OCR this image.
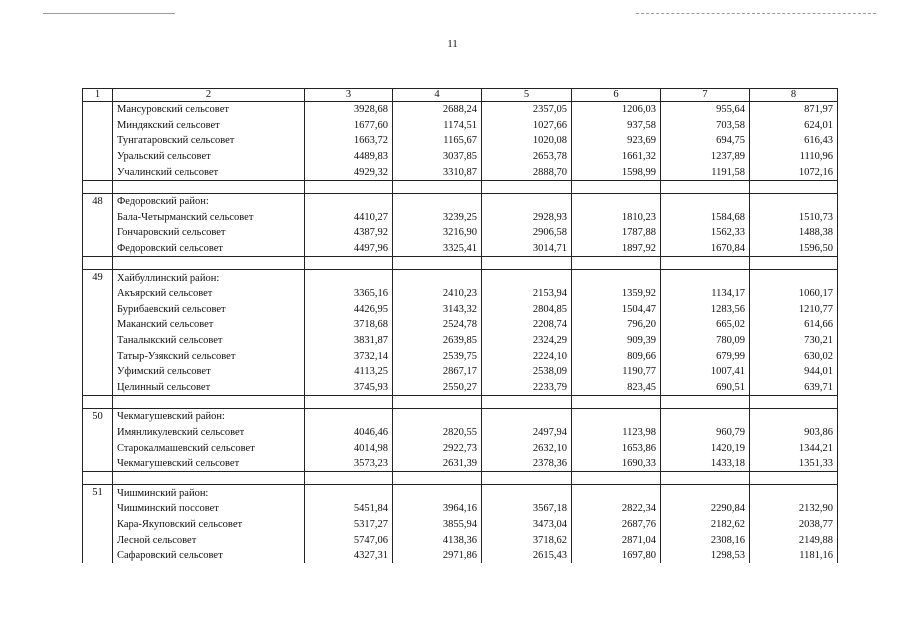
11
1	2	3	4	5	6	7	8
	Мансуровский сельсовет	3928,68	2688,24	2357,05	1206,03	955,64	871,97
	Миндякский сельсовет	1677,60	1174,51	1027,66	937,58	703,58	624,01
	Тунгатаровский сельсовет	1663,72	1165,67	1020,08	923,69	694,75	616,43
	Уральский сельсовет	4489,83	3037,85	2653,78	1661,32	1237,89	1110,96
	Учалинский сельсовет	4929,32	3310,87	2888,70	1598,99	1191,58	1072,16

48	Федоровский район:						
	Бала-Четырманский сельсовет	4410,27	3239,25	2928,93	1810,23	1584,68	1510,73
	Гончаровский сельсовет	4387,92	3216,90	2906,58	1787,88	1562,33	1488,38
	Федоровский сельсовет	4497,96	3325,41	3014,71	1897,92	1670,84	1596,50

49	Хайбуллинский район:						
	Акъярский сельсовет	3365,16	2410,23	2153,94	1359,92	1134,17	1060,17
	Бурибаевский сельсовет	4426,95	3143,32	2804,85	1504,47	1283,56	1210,77
	Маканский сельсовет	3718,68	2524,78	2208,74	796,20	665,02	614,66
	Таналыкский сельсовет	3831,87	2639,85	2324,29	909,39	780,09	730,21
	Татыр-Узякский сельсовет	3732,14	2539,75	2224,10	809,66	679,99	630,02
	Уфимский сельсовет	4113,25	2867,17	2538,09	1190,77	1007,41	944,01
	Целинный сельсовет	3745,93	2550,27	2233,79	823,45	690,51	639,71

50	Чекмагушевский район:						
	Имянликулевский сельсовет	4046,46	2820,55	2497,94	1123,98	960,79	903,86
	Старокалмашевский сельсовет	4014,98	2922,73	2632,10	1653,86	1420,19	1344,21
	Чекмагушевский сельсовет	3573,23	2631,39	2378,36	1690,33	1433,18	1351,33

51	Чишминский район:						
	Чишминский поссовет	5451,84	3964,16	3567,18	2822,34	2290,84	2132,90
	Кара-Якуповский сельсовет	5317,27	3855,94	3473,04	2687,76	2182,62	2038,77
	Лесной сельсовет	5747,06	4138,36	3718,62	2871,04	2308,16	2149,88
	Сафаровский сельсовет	4327,31	2971,86	2615,43	1697,80	1298,53	1181,16
